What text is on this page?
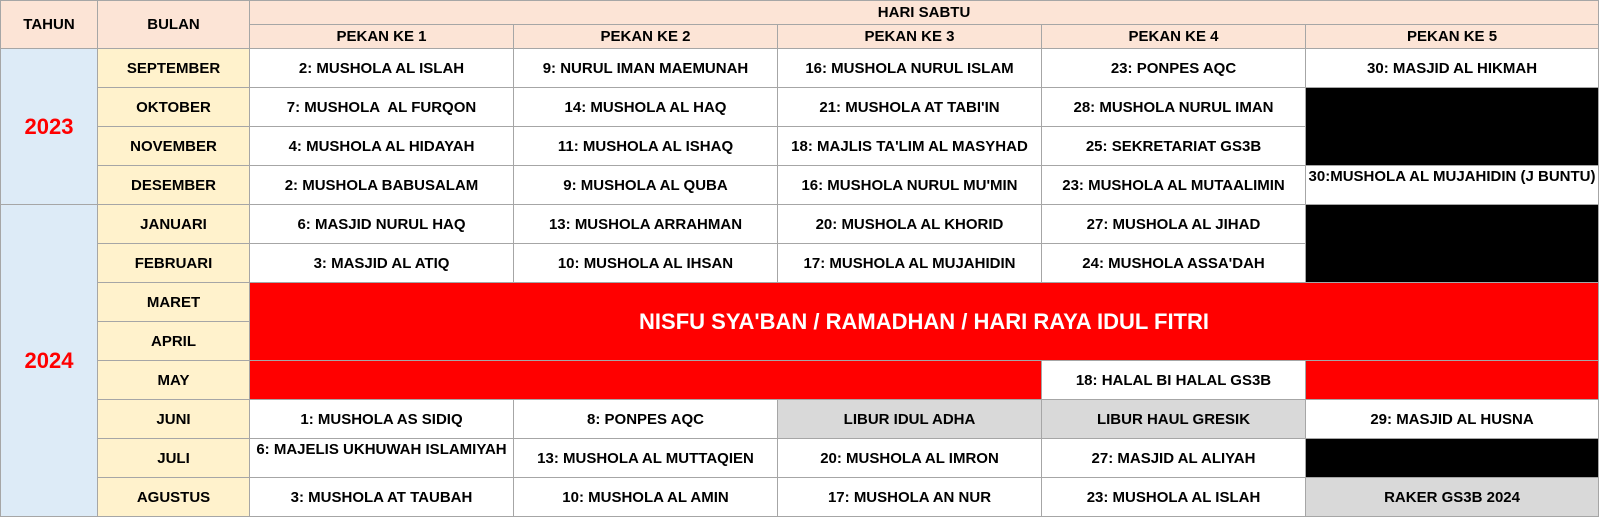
TAHUN	BULAN	HARI SABTU				
		PEKAN KE 1	PEKAN KE 2	PEKAN KE 3	PEKAN KE 4	PEKAN KE 5
2023	SEPTEMBER	2: MUSHOLA AL ISLAH	9: NURUL IMAN MAEMUNAH	16: MUSHOLA NURUL ISLAM	23: PONPES AQC	30: MASJID AL HIKMAH
	OKTOBER	7: MUSHOLA  AL FURQON	14: MUSHOLA AL HAQ	21: MUSHOLA AT TABI'IN	28: MUSHOLA NURUL IMAN	
	NOVEMBER	4: MUSHOLA AL HIDAYAH	11: MUSHOLA AL ISHAQ	18: MAJLIS TA'LIM AL MASYHAD	25: SEKRETARIAT GS3B	
	DESEMBER	2: MUSHOLA BABUSALAM	9: MUSHOLA AL QUBA	16: MUSHOLA NURUL MU'MIN	23: MUSHOLA AL MUTAALIMIN	30:MUSHOLA AL MUJAHIDIN (J BUNTU)

2024	JANUARI	6: MASJID NURUL HAQ	13: MUSHOLA ARRAHMAN	20: MUSHOLA AL KHORID	27: MUSHOLA AL JIHAD	
	FEBRUARI	3: MASJID AL ATIQ	10: MUSHOLA AL IHSAN	17: MUSHOLA AL MUJAHIDIN	24: MUSHOLA ASSA'DAH	
	MARET	NISFU SYA'BAN / RAMADHAN / HARI RAYA IDUL FITRI				
	APRIL					
	MAY				18: HALAL BI HALAL GS3B	
	JUNI	1: MUSHOLA AS SIDIQ	8: PONPES AQC	LIBUR IDUL ADHA	LIBUR HAUL GRESIK	29: MASJID AL HUSNA
	JULI	6: MAJELIS UKHUWAH ISLAMIYAH	13: MUSHOLA AL MUTTAQIEN	20: MUSHOLA AL IMRON	27: MASJID AL ALIYAH	
	AGUSTUS	3: MUSHOLA AT TAUBAH	10: MUSHOLA AL AMIN	17: MUSHOLA AN NUR	23: MUSHOLA AL ISLAH	RAKER GS3B 2024
